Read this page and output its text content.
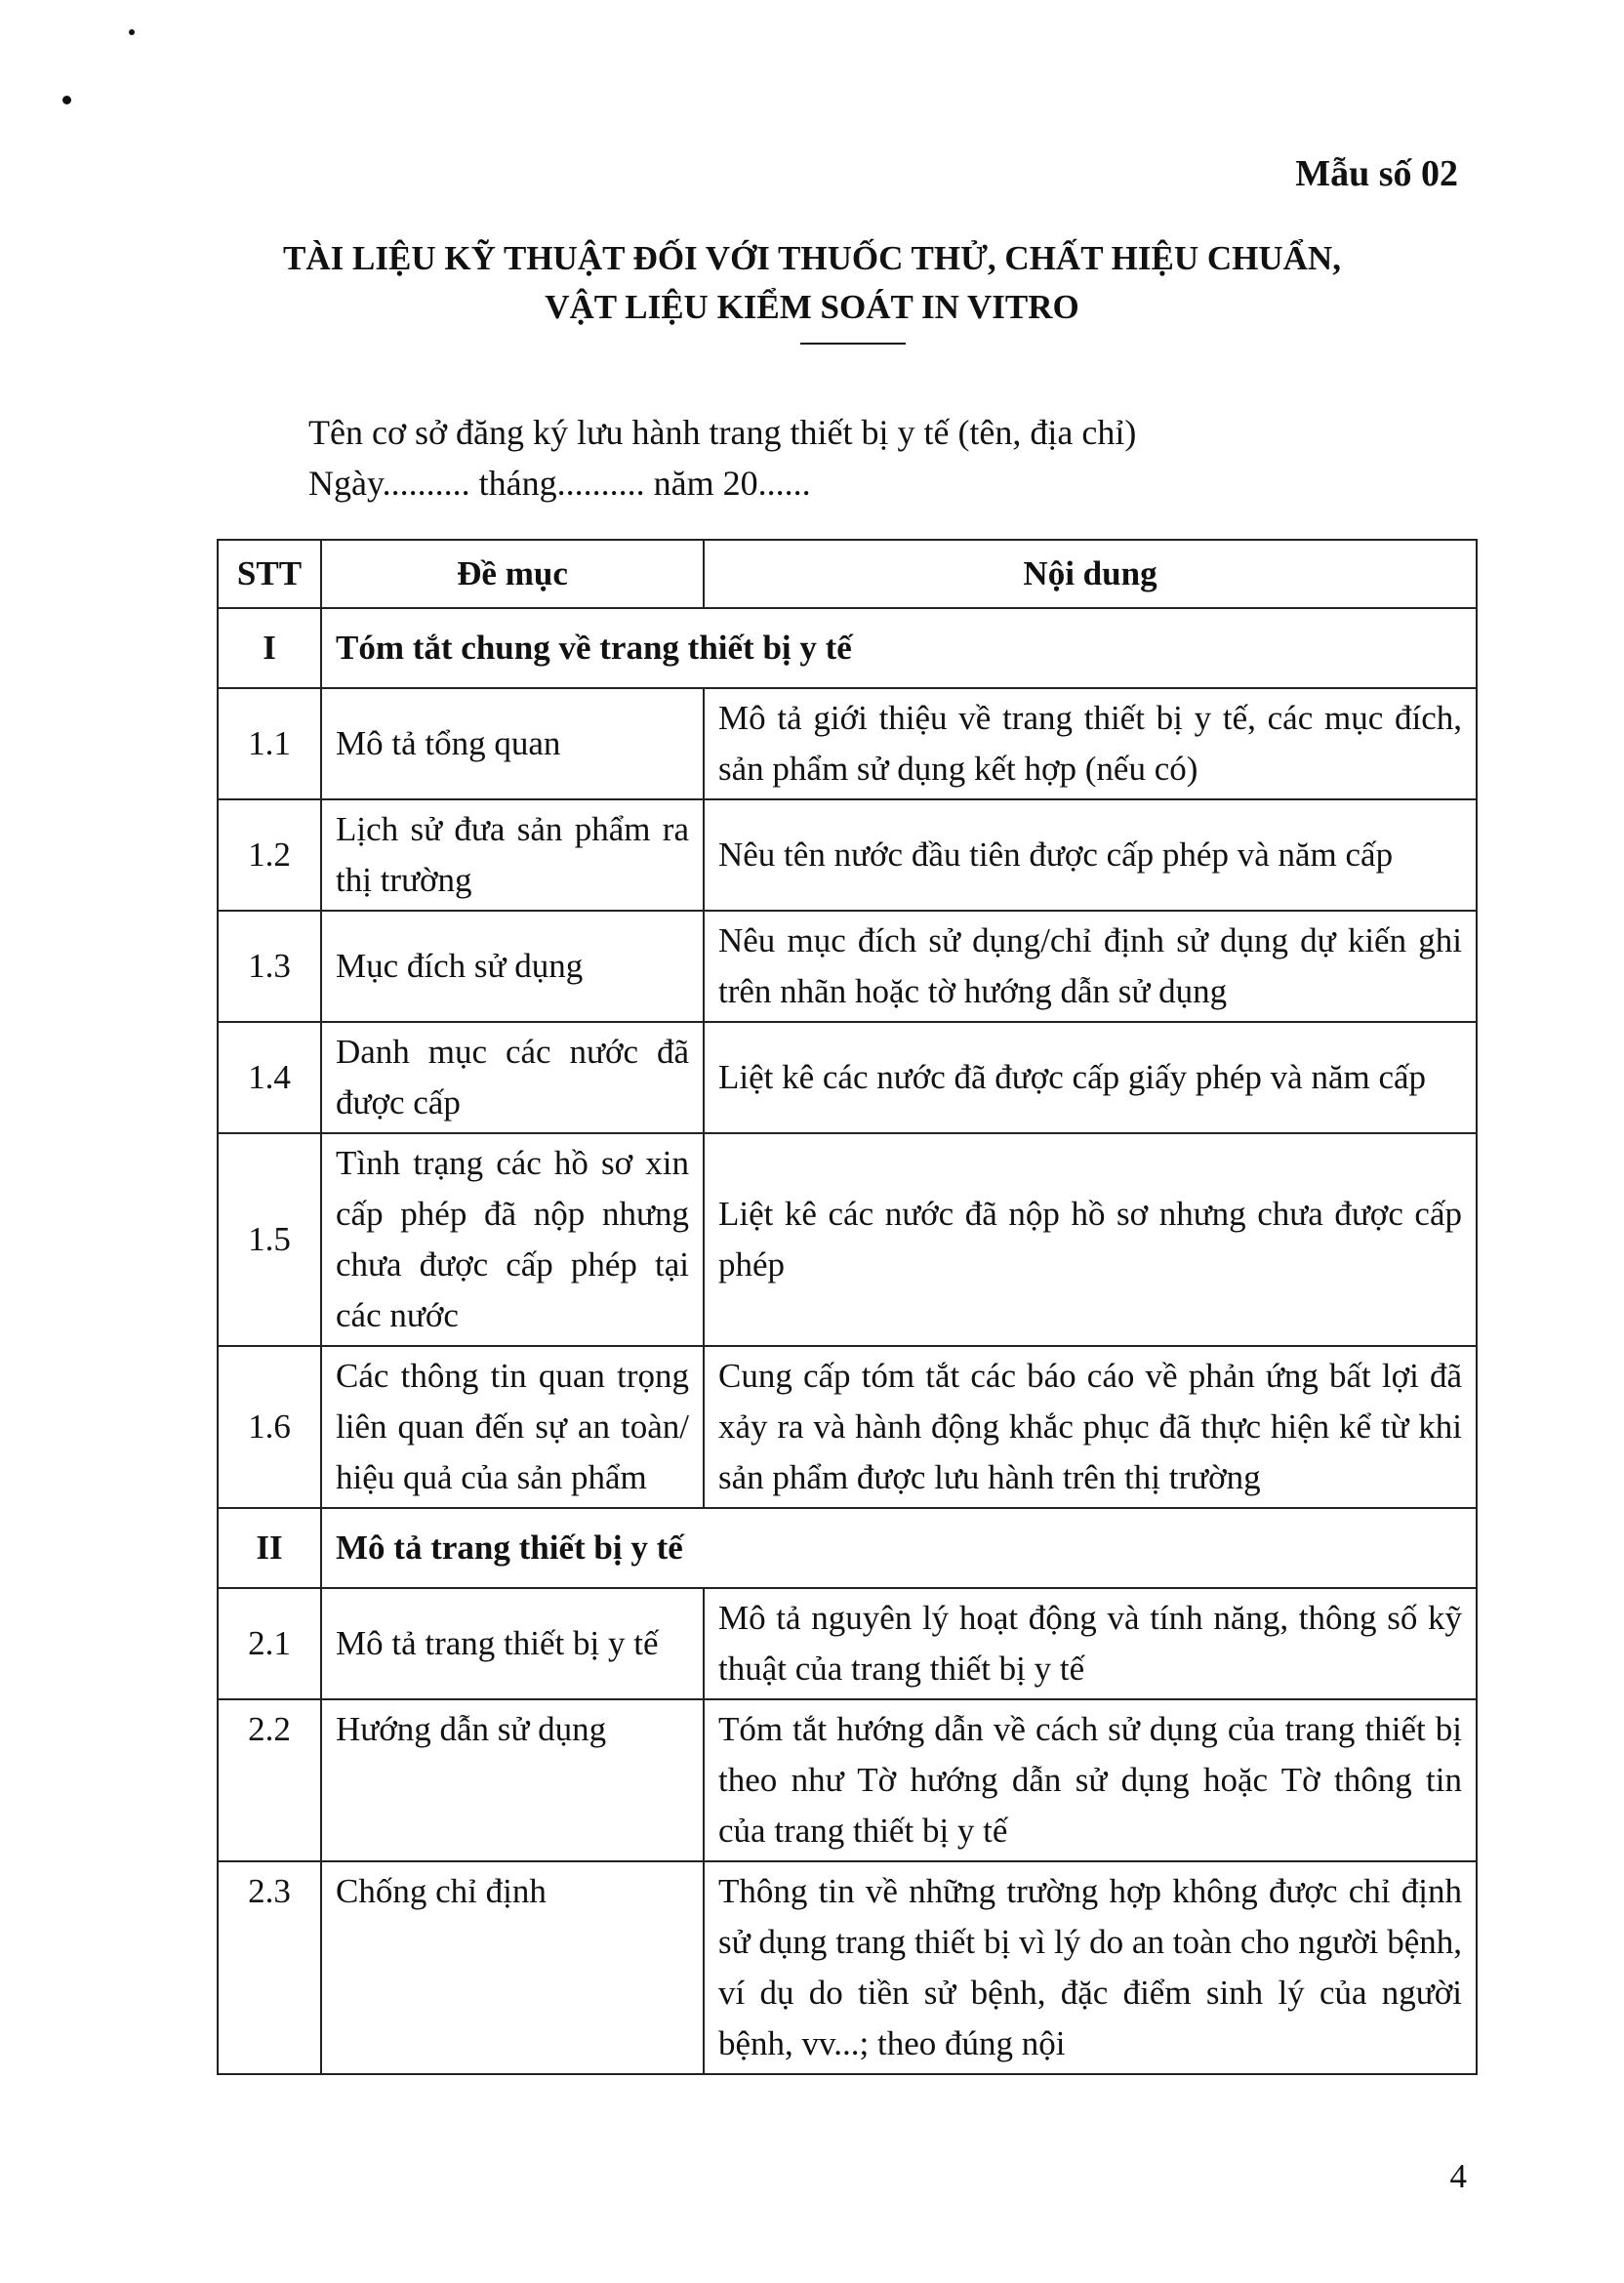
Mẫu số 02
TÀI LIỆU KỸ THUẬT ĐỐI VỚI THUỐC THỬ, CHẤT HIỆU CHUẨN,
VẬT LIỆU KIỂM SOÁT IN VITRO
Tên cơ sở đăng ký lưu hành trang thiết bị y tế (tên, địa chỉ)
Ngày.......... tháng.......... năm 20......
STT	Đề mục	Nội dung
I	Tóm tắt chung về trang thiết bị y tế	
1.1	Mô tả tổng quan	Mô tả giới thiệu về trang thiết bị y tế, các mục đích, sản phẩm sử dụng kết hợp (nếu có)
1.2	Lịch sử đưa sản phẩm ra thị trường	Nêu tên nước đầu tiên được cấp phép và năm cấp
1.3	Mục đích sử dụng	Nêu mục đích sử dụng/chỉ định sử dụng dự kiến ghi trên nhãn hoặc tờ hướng dẫn sử dụng
1.4	Danh mục các nước đã được cấp	Liệt kê các nước đã được cấp giấy phép và năm cấp
1.5	Tình trạng các hồ sơ xin cấp phép đã nộp nhưng chưa được cấp phép tại các nước	Liệt kê các nước đã nộp hồ sơ nhưng chưa được cấp phép
1.6	Các thông tin quan trọng liên quan đến sự an toàn/ hiệu quả của sản phẩm	Cung cấp tóm tắt các báo cáo về phản ứng bất lợi đã xảy ra và hành động khắc phục đã thực hiện kể từ khi sản phẩm được lưu hành trên thị trường
II	Mô tả trang thiết bị y tế	
2.1	Mô tả trang thiết bị y tế	Mô tả nguyên lý hoạt động và tính năng, thông số kỹ thuật của trang thiết bị y tế
2.2	Hướng dẫn sử dụng	Tóm tắt hướng dẫn về cách sử dụng của trang thiết bị theo như Tờ hướng dẫn sử dụng hoặc Tờ thông tin của trang thiết bị y tế
2.3	Chống chỉ định	Thông tin về những trường hợp không được chỉ định sử dụng trang thiết bị vì lý do an toàn cho người bệnh, ví dụ do tiền sử bệnh, đặc điểm sinh lý của người bệnh, vv...; theo đúng nội
4
